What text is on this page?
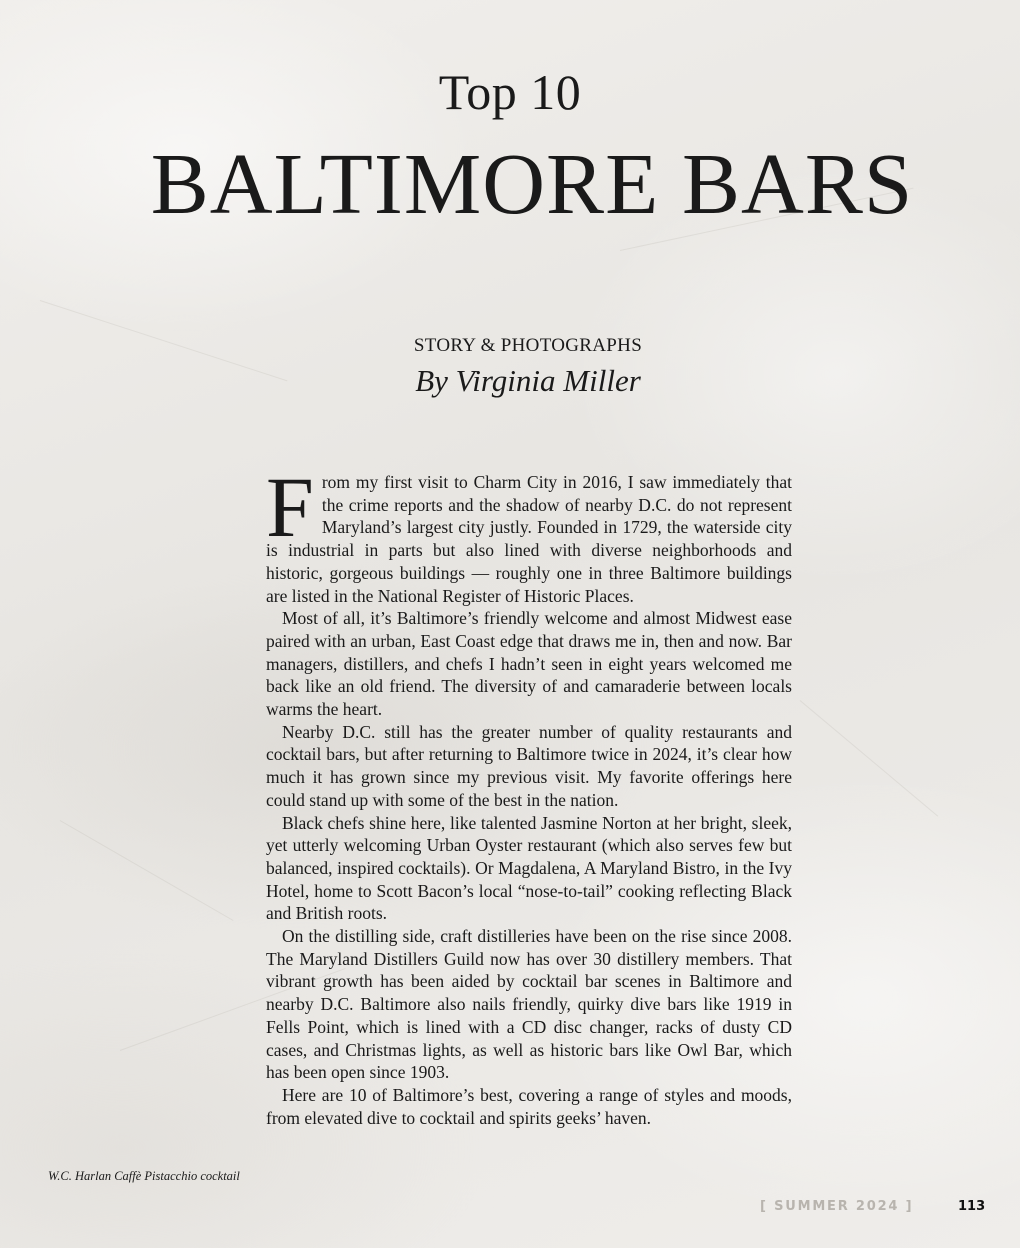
Top 10
BALTIMORE BARS
STORY & PHOTOGRAPHS
By Virginia Miller

From my first visit to Charm City in 2016, I saw immediately that the crime reports and the shadow of nearby D.C. do not represent Maryland’s largest city justly. Founded in 1729, the waterside city is industrial in parts but also lined with diverse neighborhoods and historic, gorgeous buildings — roughly one in three Baltimore buildings are listed in the National Register of Historic Places.

Most of all, it’s Baltimore’s friendly welcome and almost Midwest ease paired with an urban, East Coast edge that draws me in, then and now. Bar managers, distillers, and chefs I hadn’t seen in eight years welcomed me back like an old friend. The diversity of and camaraderie between locals warms the heart.

Nearby D.C. still has the greater number of quality restaurants and cocktail bars, but after returning to Baltimore twice in 2024, it’s clear how much it has grown since my previous visit. My favorite offerings here could stand up with some of the best in the nation.

Black chefs shine here, like talented Jasmine Norton at her bright, sleek, yet utterly welcoming Urban Oyster restaurant (which also serves few but balanced, inspired cocktails). Or Magdalena, A Maryland Bistro, in the Ivy Hotel, home to Scott Bacon’s local “nose-to-tail” cooking reflecting Black and British roots.

On the distilling side, craft distilleries have been on the rise since 2008. The Maryland Distillers Guild now has over 30 distillery members. That vibrant growth has been aided by cocktail bar scenes in Baltimore and nearby D.C. Baltimore also nails friendly, quirky dive bars like 1919 in Fells Point, which is lined with a CD disc changer, racks of dusty CD cases, and Christmas lights, as well as historic bars like Owl Bar, which has been open since 1903.

Here are 10 of Baltimore’s best, covering a range of styles and moods, from elevated dive to cocktail and spirits geeks’ haven.

W.C. Harlan Caffè Pistacchio cocktail
[ SUMMER 2024 ]	113
